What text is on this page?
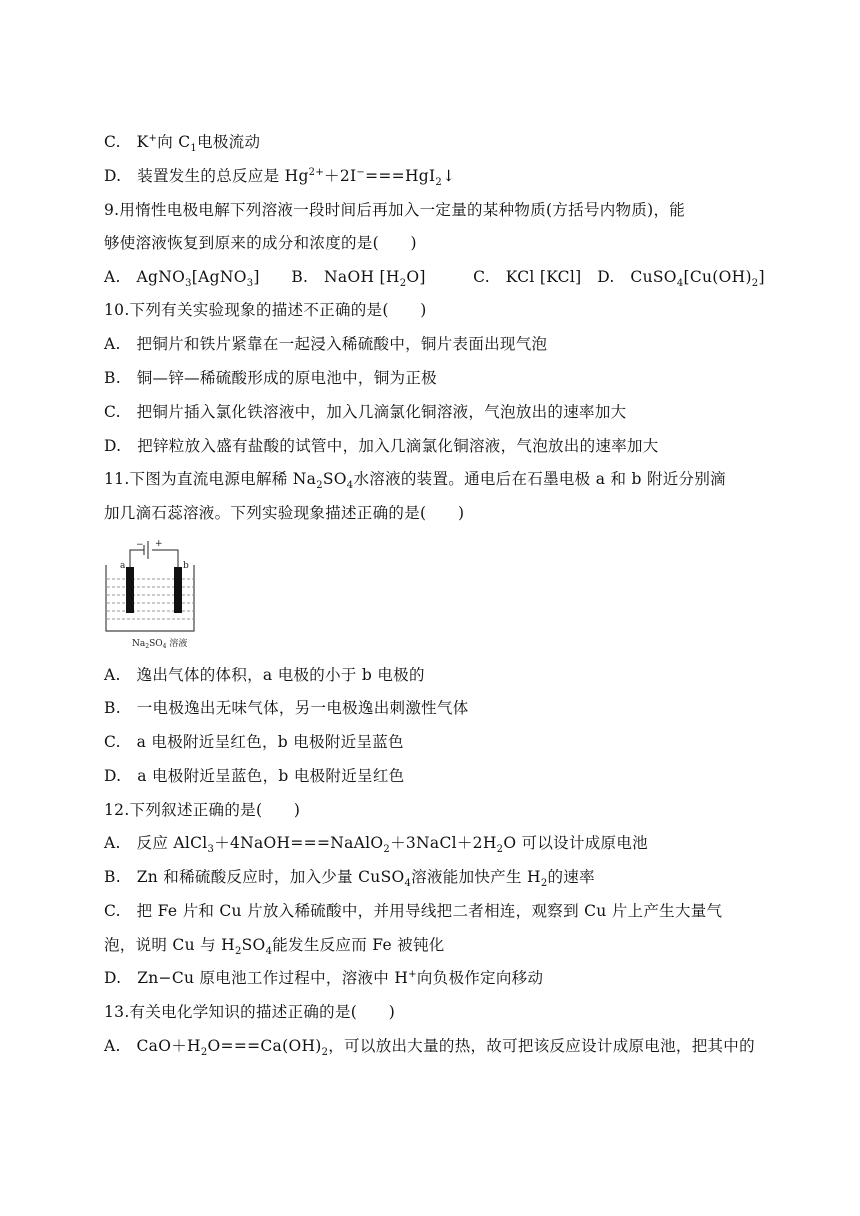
C.　K+向 $C_1$电极流动
D.　装置发生的总反应是 $Hg^{2+}+2I^-===HgI_2↓$
9.用惰性电极电解下列溶液一段时间后再加入一定量的某种物质(方括号内物质)，能
够使溶液恢复到原来的成分和浓度的是(　　)
A.　AgNO$_3$[AgNO$_3$]　　B.　NaOH $[H_2O]$　　　C.　KCl [KCl]　D.　$CuSO_4[Cu(OH)_2]$
10.下列有关实验现象的描述不正确的是(　　)
A.　把铜片和铁片紧靠在一起浸入稀硫酸中，铜片表面出现气泡
B.　铜—锌—稀硫酸形成的原电池中，铜为正极
C.　把铜片插入氯化铁溶液中，加入几滴氯化铜溶液，气泡放出的速率加大
D.　把锌粒放入盛有盐酸的试管中，加入几滴氯化铜溶液，气泡放出的速率加大
11.下图为直流电源电解稀 $Na_2SO_4$水溶液的装置。通电后在石墨电极 a 和 b 附近分别滴
加几滴石蕊溶液。下列实验现象描述正确的是(　　)
A.　逸出气体的体积，a 电极的小于 b 电极的
B.　一电极逸出无味气体，另一电极逸出刺激性气体
C.　a 电极附近呈红色，b 电极附近呈蓝色
D.　a 电极附近呈蓝色，b 电极附近呈红色
12.下列叙述正确的是(　　)
A.　反应 $AlCl_3+4NaOH===NaAlO_2+3NaCl+2H_2O$ 可以设计成原电池
B.　Zn 和稀硫酸反应时，加入少量 CuSO$_4$溶液能加快产生 $H_2$的速率
C.　把 Fe 片和 Cu 片放入稀硫酸中，并用导线把二者相连，观察到 Cu 片上产生大量气
泡，说明 Cu 与 $H_2SO_4$能发生反应而 Fe 被钝化
D.　Zn−Cu 原电池工作过程中，溶液中 H+向负极作定向移动
13.有关电化学知识的描述正确的是(　　)
A.　$CaO+H_2O===Ca(OH)_2$，可以放出大量的热，故可把该反应设计成原电池，把其中的
− +
a	b
$Na_2SO_4$ 溶液
